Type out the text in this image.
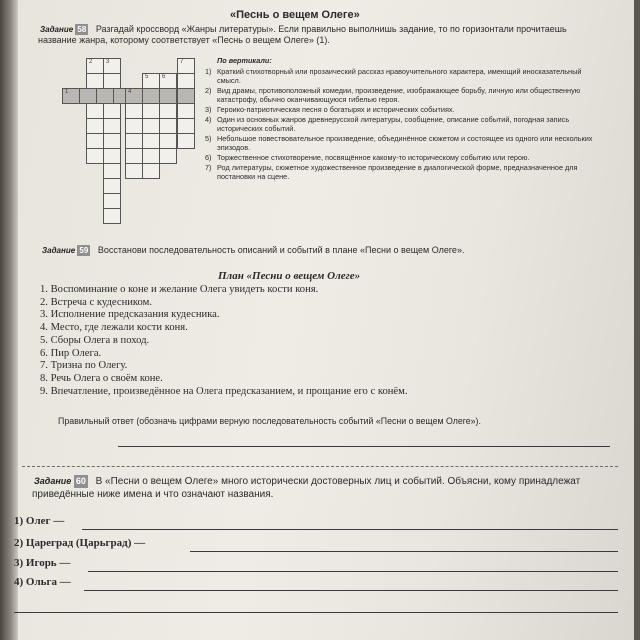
«Песнь о вещем Олеге»
Задание 58 Разгадай кроссворд «Жанры литературы». Если правильно выполнишь задание, то по горизонтали прочитаешь название жанра, которому соответствует «Песнь о вещем Олеге» (1).
2 3	7
5 6
1	4
По вертикали:
1) Краткий стихотворный или прозаический рассказ нравоучительного характера, имеющий иносказательный смысл.
2) Вид драмы, противоположный комедии, произведение, изображающее борьбу, личную или общественную катастрофу, обычно оканчивающуюся гибелью героя.
3) Героико-патриотическая песня о богатырях и исторических событиях.
4) Один из основных жанров древнерусской литературы, сообщение, описание событий, погодная запись исторических событий.
5) Небольшое повествовательное произведение, объединённое сюжетом и состоящее из одного или нескольких эпизодов.
6) Торжественное стихотворение, посвящённое какому-то историческому событию или герою.
7) Род литературы, сюжетное художественное произведение в диалогической форме, предназначенное для постановки на сцене.
Задание 59 Восстанови последовательность описаний и событий в плане «Песни о вещем Олеге».
План «Песни о вещем Олеге»
1. Воспоминание о коне и желание Олега увидеть кости коня.
2. Встреча с кудесником.
3. Исполнение предсказания кудесника.
4. Место, где лежали кости коня.
5. Сборы Олега в поход.
6. Пир Олега.
7. Тризна по Олегу.
8. Речь Олега о своём коне.
9. Впечатление, произведённое на Олега предсказанием, и прощание его с конём.
Правильный ответ (обозначь цифрами верную последовательность событий «Песни о вещем Олеге»).
Задание 60 В «Песни о вещем Олеге» много исторически достоверных лиц и событий. Объясни, кому принадлежат приведённые ниже имена и что означают названия.
1) Олег —
2) Цареград (Царьград) —
3) Игорь —
4) Ольга —
